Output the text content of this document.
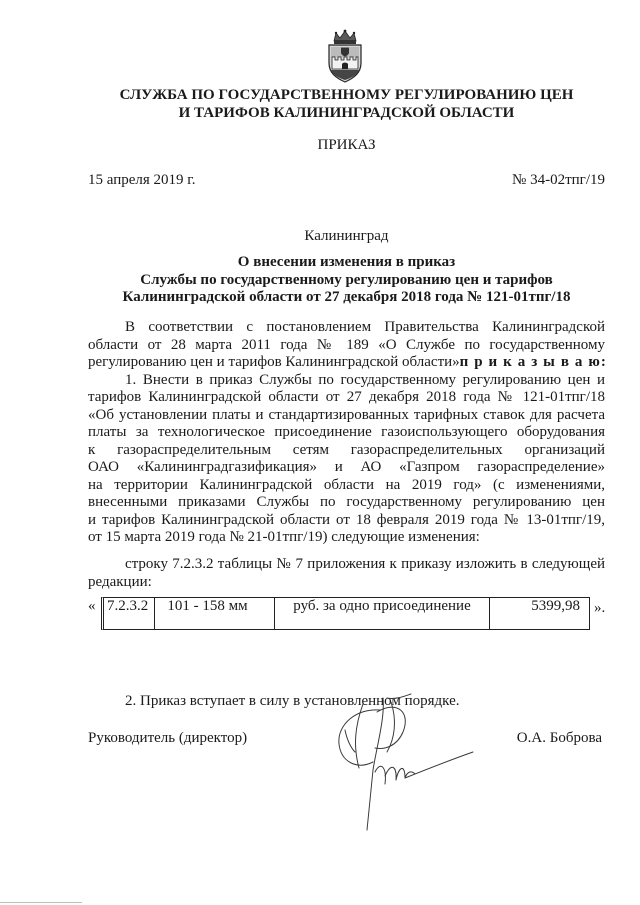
СЛУЖБА ПО ГОСУДАРСТВЕННОМУ РЕГУЛИРОВАНИЮ ЦЕН
И ТАРИФОВ КАЛИНИНГРАДСКОЙ ОБЛАСТИ
ПРИКАЗ
15 апреля 2019 г.	№ 34-02тпг/19
Калининград
О внесении изменения в приказ
Службы по государственному регулированию цен и тарифов
Калининградской области от 27 декабря 2018 года № 121-01тпг/18
В соответствии с постановлением Правительства Калининградской
области от 28 марта 2011 года № 189 «О Службе по государственному
регулированию цен и тарифов Калининградской области» п р и к а з ы в а ю:
1. Внести в приказ Службы по государственному регулированию цен и
тарифов Калининградской области от 27 декабря 2018 года № 121-01тпг/18
«Об установлении платы и стандартизированных тарифных ставок для расчета
платы за технологическое присоединение газоиспользующего оборудования
к газораспределительным сетям газораспределительных организаций
ОАО «Калининградгазификация» и АО «Газпром газораспределение»
на территории Калининградской области на 2019 год» (с изменениями,
внесенными приказами Службы по государственному регулированию цен
и тарифов Калининградской области от 18 февраля 2019 года № 13-01тпг/19,
от 15 марта 2019 года № 21-01тпг/19) следующие изменения:
строку 7.2.3.2 таблицы № 7 приложения к приказу изложить в следующей
редакции:
« 7.2.3.2	101 - 158 мм	руб. за одно присоединение	5399,98 ».

2. Приказ вступает в силу в установленном порядке.

Руководитель (директор)	О.А. Боброва
